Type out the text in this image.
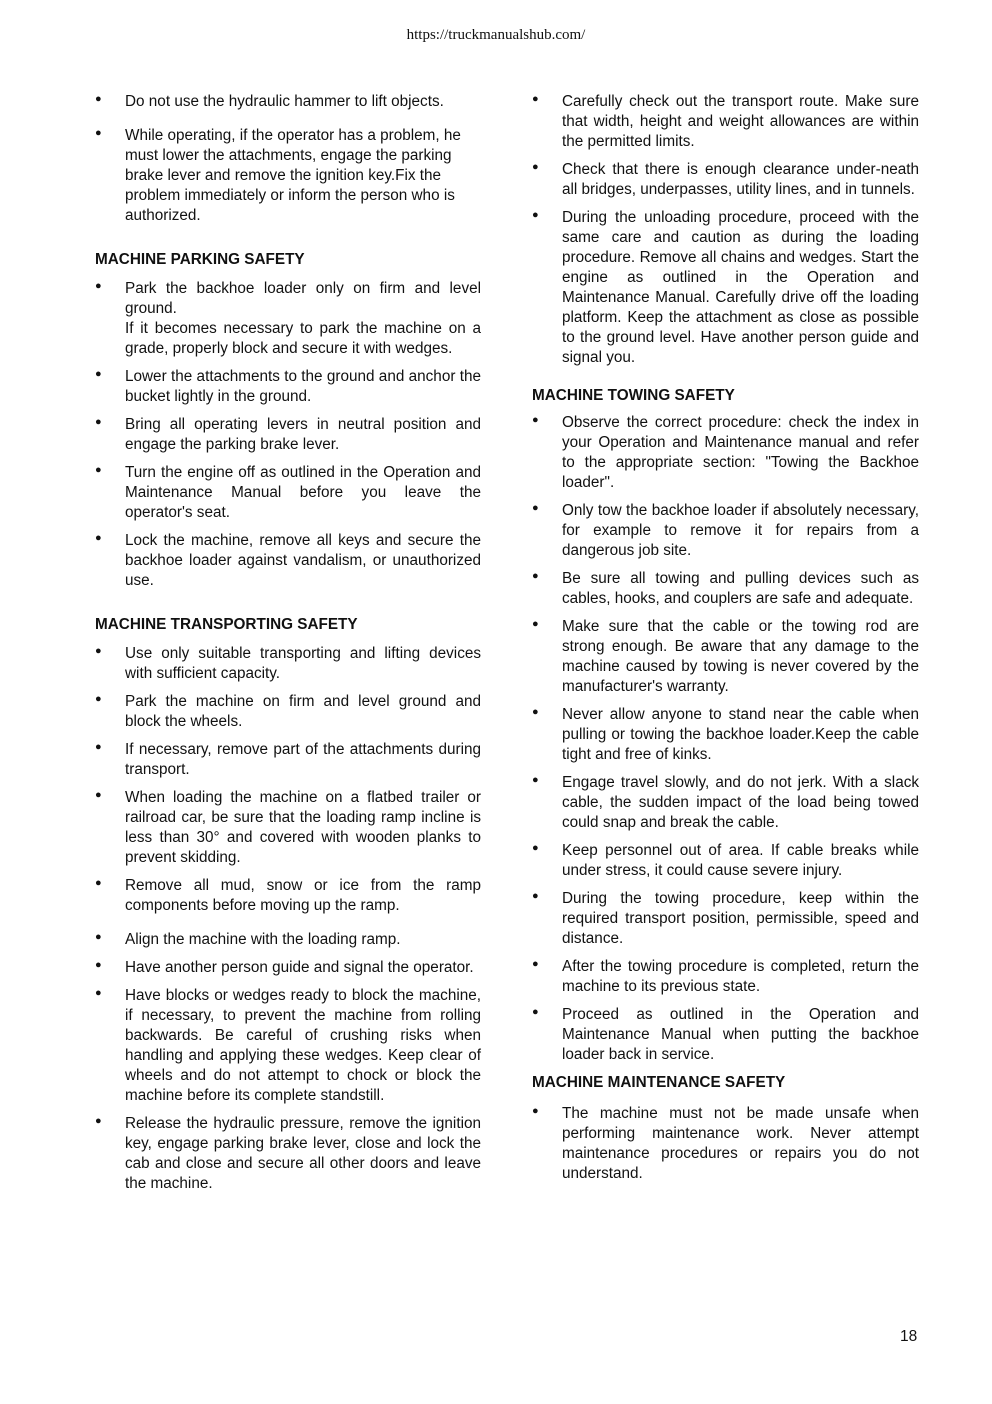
https://truckmanualshub.com/
● Do not use the hydraulic hammer to lift objects.
● While operating, if the operator has a problem, he must lower the attachments, engage the parking brake lever and remove the ignition key.Fix the problem immediately or inform the person who is authorized.
MACHINE PARKING SAFETY
● Park the backhoe loader only on firm and level ground.
If it becomes necessary to park the machine on a grade, properly block and secure it with wedges.
● Lower the attachments to the ground and anchor the bucket lightly in the ground.
● Bring all operating levers in neutral position and engage the parking brake lever.
● Turn the engine off as outlined in the Operation and Maintenance Manual before you leave the operator's seat.
● Lock the machine, remove all keys and secure the backhoe loader against vandalism, or unauthorized use.
MACHINE TRANSPORTING SAFETY
● Use only suitable transporting and lifting devices with sufficient capacity.
● Park the machine on firm and level ground and block the wheels.
● If necessary, remove part of the attachments during transport.
● When loading the machine on a flatbed trailer or railroad car, be sure that the loading ramp incline is less than 30° and covered with wooden planks to prevent skidding.
● Remove all mud, snow or ice from the ramp components before moving up the ramp.
● Align the machine with the loading ramp.
● Have another person guide and signal the operator.
● Have blocks or wedges ready to block the machine, if necessary, to prevent the machine from rolling backwards. Be careful of crushing risks when handling and applying these wedges. Keep clear of wheels and do not attempt to chock or block the machine before its complete standstill.
● Release the hydraulic pressure, remove the ignition key, engage parking brake lever, close and lock the cab and close and secure all other doors and leave the machine.
● Carefully check out the transport route. Make sure that width, height and weight allowances are within the permitted limits.
● Check that there is enough clearance under-neath all bridges, underpasses, utility lines, and in tunnels.
● During the unloading procedure, proceed with the same care and caution as during the loading procedure. Remove all chains and wedges. Start the engine as outlined in the Operation and Maintenance Manual. Carefully drive off the loading platform. Keep the attachment as close as possible to the ground level. Have another person guide and signal you.
MACHINE TOWING SAFETY
● Observe the correct procedure: check the index in your Operation and Maintenance manual and refer to the appropriate section: "Towing the Backhoe loader".
● Only tow the backhoe loader if absolutely necessary, for example to remove it for repairs from a dangerous job site.
● Be sure all towing and pulling devices such as cables, hooks, and couplers are safe and adequate.
● Make sure that the cable or the towing rod are strong enough. Be aware that any damage to the machine caused by towing is never covered by the manufacturer's warranty.
● Never allow anyone to stand near the cable when pulling or towing the backhoe loader.Keep the cable tight and free of kinks.
● Engage travel slowly, and do not jerk. With a slack cable, the sudden impact of the load being towed could snap and break the cable.
● Keep personnel out of area. If cable breaks while under stress, it could cause severe injury.
● During the towing procedure, keep within the required transport position, permissible, speed and distance.
● After the towing procedure is completed, return the machine to its previous state.
● Proceed as outlined in the Operation and Maintenance Manual when putting the backhoe loader back in service.
MACHINE MAINTENANCE SAFETY
● The machine must not be made unsafe when performing maintenance work. Never attempt maintenance procedures or repairs you do not understand.
18
